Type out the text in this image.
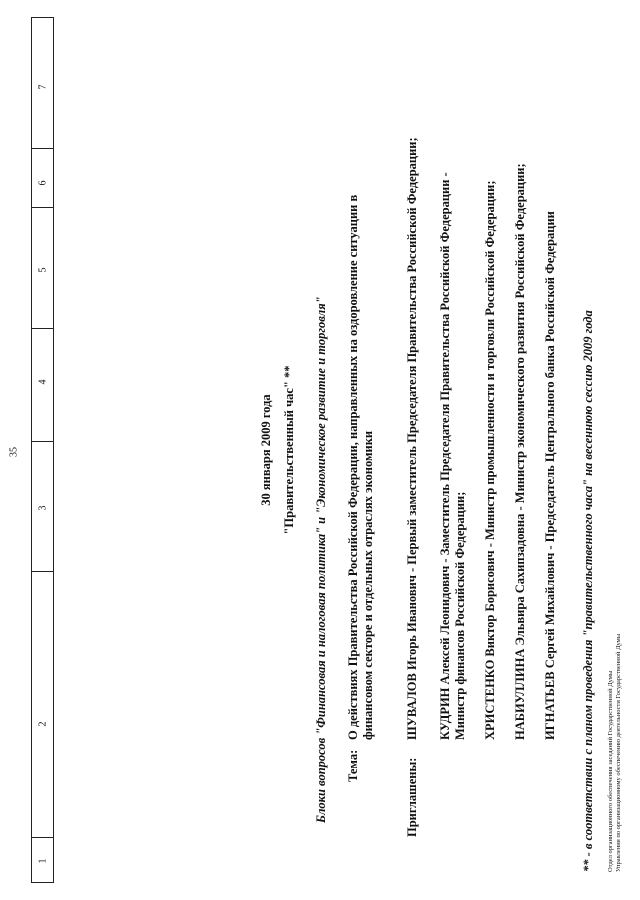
35
1
2
3
4
5
6
7
30 января 2009 года "Правительственный час" ** Блоки вопросов "Финансовая и налоговая политика" и "Экономическое развитие и торговля" Тема:
О действиях Правительства Российской Федерации, направленных на оздоровление ситуации в финансовом секторе и отдельных отраслях экономики
Приглашены:
ШУВАЛОВ Игорь Иванович - Первый заместитель Председателя Правительства Российской Федерации; КУДРИН Алексей Леонидович - Заместитель Председателя Правительства Российской Федерации - Министр финансов Российской Федерации; ХРИСТЕНКО Виктор Борисович - Министр промышленности и торговли Российской Федерации; НАБИУЛЛИНА Эльвира Сахипзадовна - Министр экономического развития Российской Федерации; ИГНАТЬЕВ Сергей Михайлович - Председатель Центрального банка Российской Федерации ** - в соответствии с планом проведения "правительственного часа" на весеннюю сессию 2009 года Отдел организационного обеспечения заседаний Государственной Думы Управления по организационному обеспечению деятельности Государственной Думы
